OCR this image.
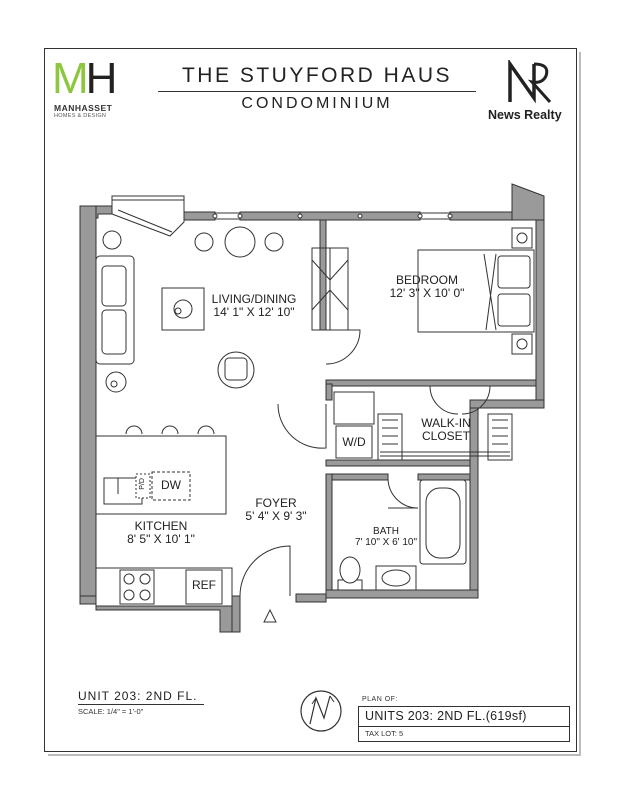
MH
MANHASSET
HOMES & DESIGN
THE STUYFORD HAUS
CONDOMINIUM
News Realty
LIVING/DINING
14' 1" X 12' 10"
BEDROOM
12' 3'' X 10' 0"
WALK-IN
CLOSET
FOYER
5' 4" X 9' 3"
KITCHEN
8' 5" X 10' 1"
BATH
7' 10" X 6' 10"
W/D
DW
P/D
REF
UNIT 203: 2ND FL.
SCALE: 1/4" = 1'-0"
PLAN OF:
UNITS 203: 2ND FL.(619sf)
TAX LOT: 5
